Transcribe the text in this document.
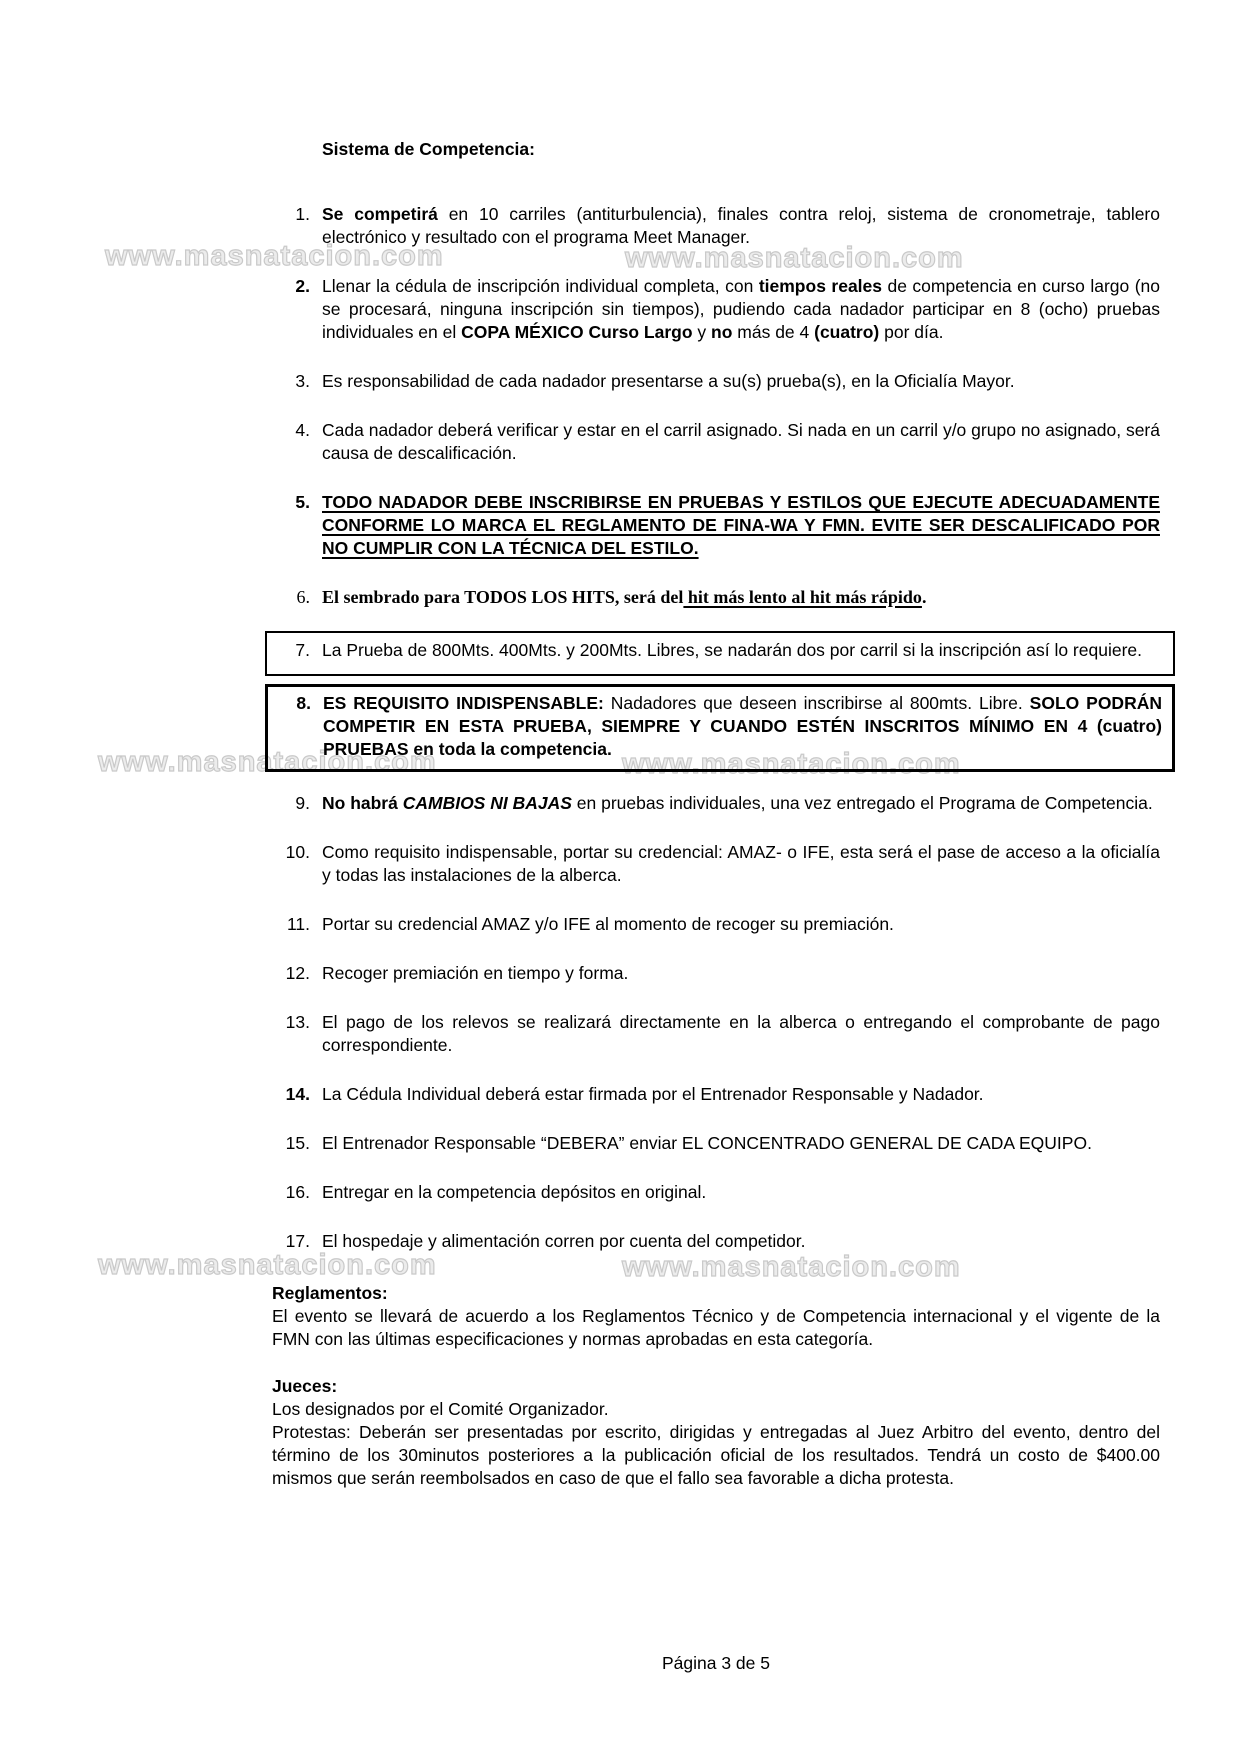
www.masnatacion.com	www.masnatacion.com
www.masnatacion.com	www.masnatacion.com
www.masnatacion.com	www.masnatacion.com
Sistema de Competencia:
1. Se competirá en 10 carriles (antiturbulencia), finales contra reloj, sistema de cronometraje, tablero electrónico y resultado con el programa Meet Manager.
2. Llenar la cédula de inscripción individual completa, con tiempos reales de competencia en curso largo (no se procesará, ninguna inscripción sin tiempos), pudiendo cada nadador participar en 8 (ocho) pruebas individuales en el COPA MÉXICO Curso Largo y no más de 4 (cuatro) por día.
3. Es responsabilidad de cada nadador presentarse a su(s) prueba(s), en la Oficialía Mayor.
4. Cada nadador deberá verificar y estar en el carril asignado. Si nada en un carril y/o grupo no asignado, será causa de descalificación.
5. TODO NADADOR DEBE INSCRIBIRSE EN PRUEBAS Y ESTILOS QUE EJECUTE ADECUADAMENTE CONFORME LO MARCA EL REGLAMENTO DE FINA-WA Y FMN. EVITE SER DESCALIFICADO POR NO CUMPLIR CON LA TÉCNICA DEL ESTILO.
6. El sembrado para TODOS LOS HITS, será del hit más lento al hit más rápido.
7. La Prueba de 800Mts. 400Mts. y 200Mts. Libres, se nadarán dos por carril si la inscripción así lo requiere.
8. ES REQUISITO INDISPENSABLE: Nadadores que deseen inscribirse al 800mts. Libre. SOLO PODRÁN COMPETIR EN ESTA PRUEBA, SIEMPRE Y CUANDO ESTÉN INSCRITOS MÍNIMO EN 4 (cuatro) PRUEBAS en toda la competencia.
9. No habrá CAMBIOS NI BAJAS en pruebas individuales, una vez entregado el Programa de Competencia.
10. Como requisito indispensable, portar su credencial: AMAZ- o IFE, esta será el pase de acceso a la oficialía y todas las instalaciones de la alberca.
11. Portar su credencial AMAZ y/o IFE al momento de recoger su premiación.
12. Recoger premiación en tiempo y forma.
13. El pago de los relevos se realizará directamente en la alberca o entregando el comprobante de pago correspondiente.
14. La Cédula Individual deberá estar firmada por el Entrenador Responsable y Nadador.
15. El Entrenador Responsable “DEBERA” enviar EL CONCENTRADO GENERAL DE CADA EQUIPO.
16. Entregar en la competencia depósitos en original.
17. El hospedaje y alimentación corren por cuenta del competidor.
Reglamentos:
El evento se llevará de acuerdo a los Reglamentos Técnico y de Competencia internacional y el vigente de la FMN con las últimas especificaciones y normas aprobadas en esta categoría.
Jueces:
Los designados por el Comité Organizador.
Protestas: Deberán ser presentadas por escrito, dirigidas y entregadas al Juez Arbitro del evento, dentro del término de los 30minutos posteriores a la publicación oficial de los resultados. Tendrá un costo de $400.00 mismos que serán reembolsados en caso de que el fallo sea favorable a dicha protesta.
Página 3 de 5
